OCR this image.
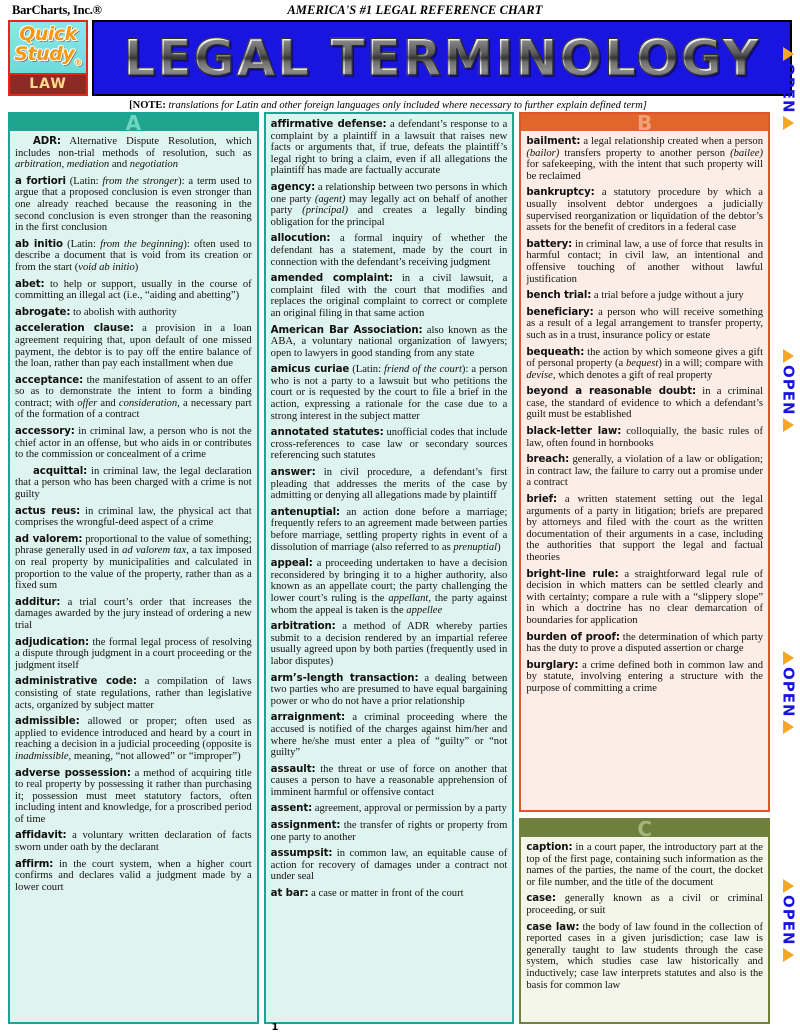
BarCharts, Inc.®	AMERICA'S #1 LEGAL REFERENCE CHART
Quick
Study$_®$
LAW LEGAL TERMINOLOGY
[NOTE: translations for Latin and other foreign languages only included where necessary to further explain defined term]
A

ADR: Alternative Dispute Resolution, which includes non-trial methods of resolution, such as arbitration, mediation and negotiation

a fortiori (Latin: from the stronger): a term used to argue that a proposed conclusion is even stronger than one already reached because the reasoning in the second conclusion is even stronger than the reasoning in the first conclusion

ab initio (Latin: from the beginning): often used to describe a document that is void from its creation or from the start (void ab initio)

abet: to help or support, usually in the course of committing an illegal act (i.e., “aiding and abetting”)

abrogate: to abolish with authority

acceleration clause: a provision in a loan agreement requiring that, upon default of one missed payment, the debtor is to pay off the entire balance of the loan, rather than pay each installment when due

acceptance: the manifestation of assent to an offer so as to demonstrate the intent to form a binding contract; with offer and consideration, a necessary part of the formation of a contract

accessory: in criminal law, a person who is not the chief actor in an offense, but who aids in or contributes to the commission or concealment of a crime

acquittal: in criminal law, the legal declaration that a person who has been charged with a crime is not guilty

actus reus: in criminal law, the physical act that comprises the wrongful-deed aspect of a crime

ad valorem: proportional to the value of something; phrase generally used in ad valorem tax, a tax imposed on real property by municipalities and calculated in proportion to the value of the property, rather than as a fixed sum

additur: a trial court’s order that increases the damages awarded by the jury instead of ordering a new trial

adjudication: the formal legal process of resolving a dispute through judgment in a court proceeding or the judgment itself

administrative code: a compilation of laws consisting of state regulations, rather than legislative acts, organized by subject matter

admissible: allowed or proper; often used as applied to evidence introduced and heard by a court in reaching a decision in a judicial proceeding (opposite is inadmissible, meaning, “not allowed” or “improper”)

adverse possession: a method of acquiring title to real property by possessing it rather than purchasing it; possession must meet statutory factors, often including intent and knowledge, for a proscribed period of time

affidavit: a voluntary written declaration of facts sworn under oath by the declarant

affirm: in the court system, when a higher court confirms and declares valid a judgment made by a lower court

affirmative defense: a defendant’s response to a complaint by a plaintiff in a lawsuit that raises new facts or arguments that, if true, defeats the plaintiff’s legal right to bring a claim, even if all allegations the plaintiff has made are factually accurate

agency: a relationship between two persons in which one party (agent) may legally act on behalf of another party (principal) and creates a legally binding obligation for the principal

allocution: a formal inquiry of whether the defendant has a statement, made by the court in connection with the defendant’s receiving judgment

amended complaint: in a civil lawsuit, a complaint filed with the court that modifies and replaces the original complaint to correct or complete an original filing in that same action

American Bar Association: also known as the ABA, a voluntary national organization of lawyers; open to lawyers in good standing from any state

amicus curiae (Latin: friend of the court): a person who is not a party to a lawsuit but who petitions the court or is requested by the court to file a brief in the action, expressing a rationale for the case due to a strong interest in the subject matter

annotated statutes: unofficial codes that include cross-references to case law or secondary sources referencing such statutes

answer: in civil procedure, a defendant’s first pleading that addresses the merits of the case by admitting or denying all allegations made by plaintiff

antenuptial: an action done before a marriage; frequently refers to an agreement made between parties before marriage, settling property rights in event of a dissolution of marriage (also referred to as prenuptial)

appeal: a proceeding undertaken to have a decision reconsidered by bringing it to a higher authority, also known as an appellate court; the party challenging the lower court’s ruling is the appellant, the party against whom the appeal is taken is the appellee

arbitration: a method of ADR whereby parties submit to a decision rendered by an impartial referee usually agreed upon by both parties (frequently used in labor disputes)

arm’s-length transaction: a dealing between two parties who are presumed to have equal bargaining power or who do not have a prior relationship

arraignment: a criminal proceeding where the accused is notified of the charges against him/her and where he/she must enter a plea of “guilty” or “not guilty”

assault: the threat or use of force on another that causes a person to have a reasonable apprehension of imminent harmful or offensive contact

assent: agreement, approval or permission by a party

assignment: the transfer of rights or property from one party to another

assumpsit: in common law, an equitable cause of action for recovery of damages under a contract not under seal

at bar: a case or matter in front of the court

B

bailment: a legal relationship created when a person (bailor) transfers property to another person (bailee) for safekeeping, with the intent that such property will be reclaimed

bankruptcy: a statutory procedure by which a usually insolvent debtor undergoes a judicially supervised reorganization or liquidation of the debtor’s assets for the benefit of creditors in a federal case

battery: in criminal law, a use of force that results in harmful contact; in civil law, an intentional and offensive touching of another without lawful justification

bench trial: a trial before a judge without a jury

beneficiary: a person who will receive something as a result of a legal arrangement to transfer property, such as in a trust, insurance policy or estate

bequeath: the action by which someone gives a gift of personal property (a bequest) in a will; compare with devise, which denotes a gift of real property

beyond a reasonable doubt: in a criminal case, the standard of evidence to which a defendant’s guilt must be established

black-letter law: colloquially, the basic rules of law, often found in hornbooks

breach: generally, a violation of a law or obligation; in contract law, the failure to carry out a promise under a contract

brief: a written statement setting out the legal arguments of a party in litigation; briefs are prepared by attorneys and filed with the court as the written documentation of their arguments in a case, including the authorities that support the legal and factual theories

bright-line rule: a straightforward legal rule of decision in which matters can be settled clearly and with certainty; compare a rule with a “slippery slope” in which a doctrine has no clear demarcation of boundaries for application

burden of proof: the determination of which party has the duty to prove a disputed assertion or charge

burglary: a crime defined both in common law and by statute, involving entering a structure with the purpose of committing a crime

C

caption: in a court paper, the introductory part at the top of the first page, containing such information as the names of the parties, the name of the court, the docket or file number, and the title of the document

case: generally known as a civil or criminal proceeding, or suit

case law: the body of law found in the collection of reported cases in a given jurisdiction; case law is generally taught to law students through the case system, which studies case law historically and inductively; case law interprets statutes and also is the basis for common law

OPEN
OPEN
OPEN
OPEN
1
